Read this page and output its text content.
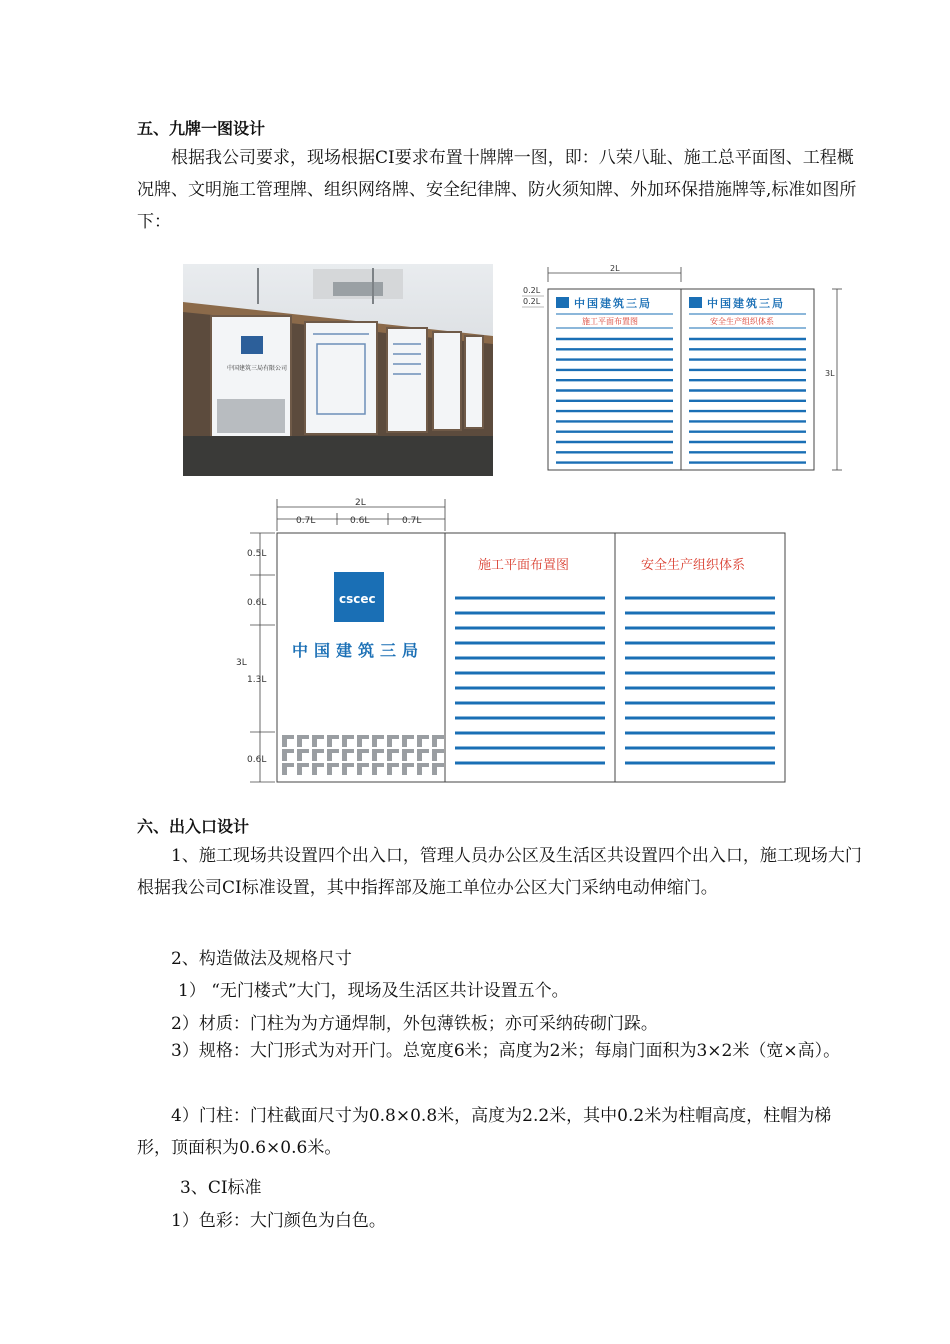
五、九牌一图设计
根据我公司要求，现场根据CI要求布置十牌牌一图，即：八荣八耻、施工总平面图、工程概况牌、文明施工管理牌、组织网络牌、安全纪律牌、防火须知牌、外加环保措施牌等,标准如图所下：
中国建筑三局有限公司
2L
0.2L
0.2L
3L
中国建筑三局
施工平面布置图
中国建筑三局
安全生产组织体系
2L
0.7L	0.6L	0.7L
0.5L
0.6L
3L
1.3L
0.6L
cscec
中国建筑三局
施工平面布置图	安全生产组织体系
六、出入口设计
1、施工现场共设置四个出入口，管理人员办公区及生活区共设置四个出入口，施工现场大门根据我公司CI标准设置，其中指挥部及施工单位办公区大门采纳电动伸缩门。
2、构造做法及规格尺寸
1） “无门楼式”大门，现场及生活区共计设置五个。
2）材质：门柱为为方通焊制，外包薄铁板；亦可采纳砖砌门跺。
3）规格：大门形式为对开门。总宽度6米；高度为2米；每扇门面积为3×2米（宽×高）。
4）门柱：门柱截面尺寸为0.8×0.8米，高度为2.2米，其中0.2米为柱帽高度，柱帽为梯形，顶面积为0.6×0.6米。
3、CI标准
1）色彩：大门颜色为白色。
